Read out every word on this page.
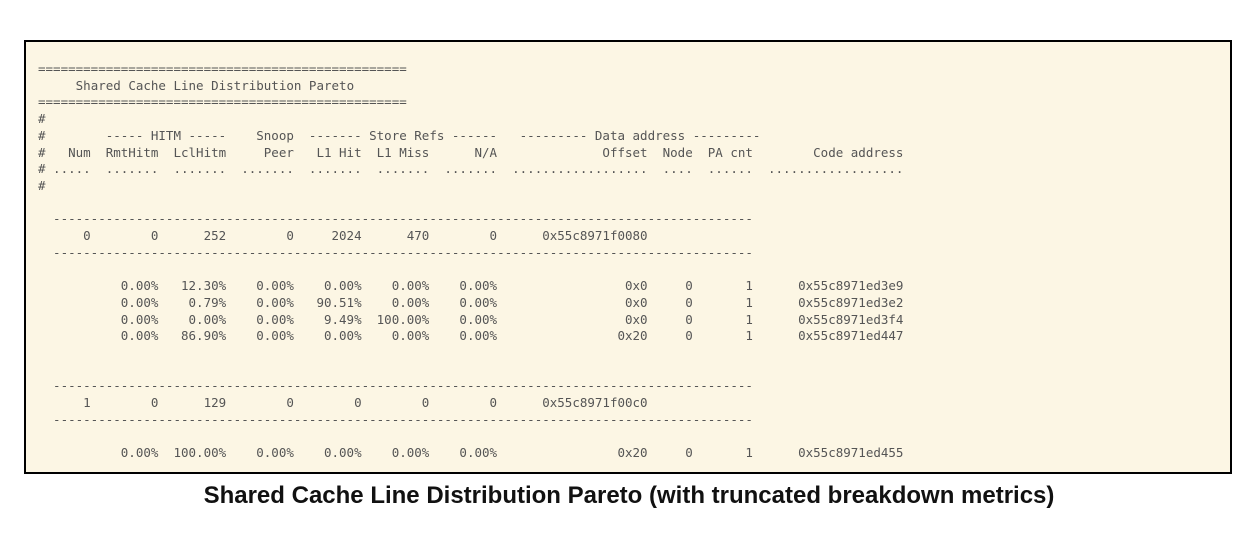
=================================================
Shared Cache Line Distribution Pareto
=================================================
#
#        ----- HITM -----    Snoop  ------- Store Refs ------   --------- Data address ---------
#   Num  RmtHitm  LclHitm     Peer   L1 Hit  L1 Miss      N/A              Offset  Node  PA cnt        Code address
# .....  .......  .......  .......  .......  .......  .......  ..................  ....  ......  ..................
#

---------------------------------------------------------------------------------------------
0        0      252        0     2024      470        0      0x55c8971f0080
---------------------------------------------------------------------------------------------

0.00%   12.30%    0.00%    0.00%    0.00%    0.00%                 0x0     0       1      0x55c8971ed3e9
0.00%    0.79%    0.00%   90.51%    0.00%    0.00%                 0x0     0       1      0x55c8971ed3e2
0.00%    0.00%    0.00%    9.49%  100.00%    0.00%                 0x0     0       1      0x55c8971ed3f4
0.00%   86.90%    0.00%    0.00%    0.00%    0.00%                0x20     0       1      0x55c8971ed447

---------------------------------------------------------------------------------------------
1        0      129        0        0        0        0      0x55c8971f00c0
---------------------------------------------------------------------------------------------

0.00%  100.00%    0.00%    0.00%    0.00%    0.00%                0x20     0       1      0x55c8971ed455
Shared Cache Line Distribution Pareto (with truncated breakdown metrics)
